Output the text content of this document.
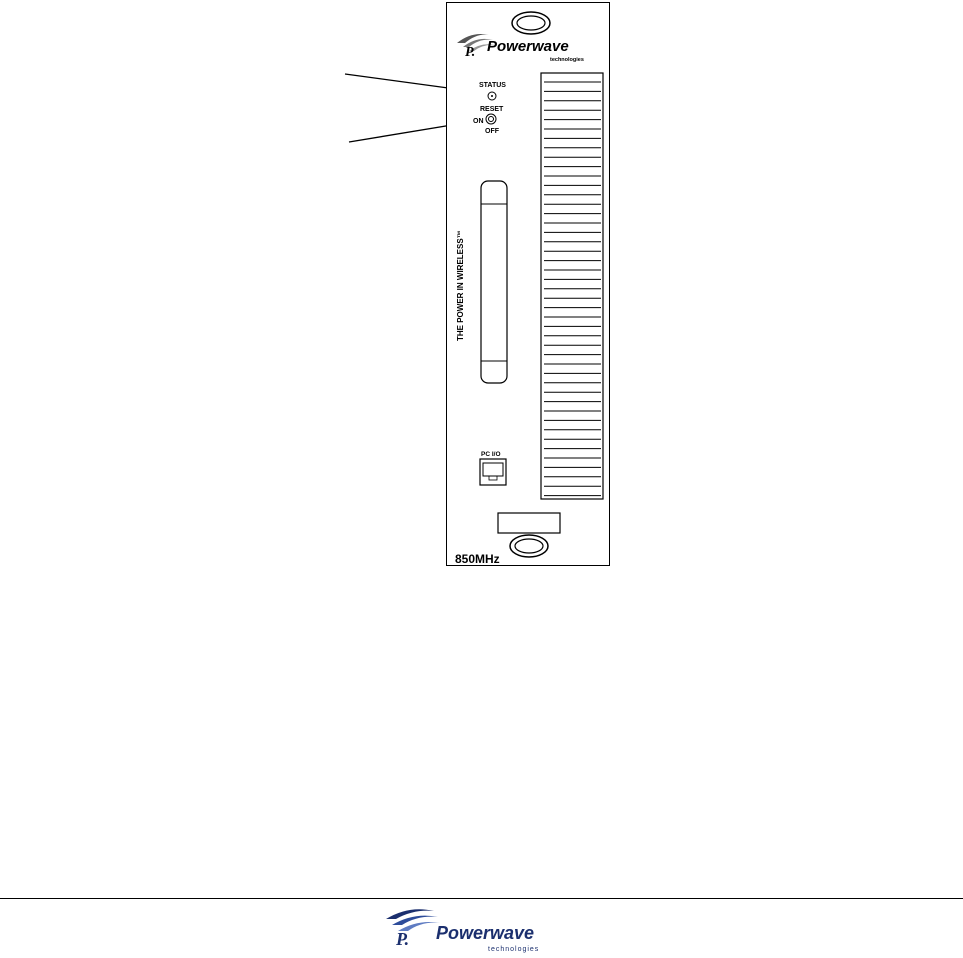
P. Powerwave
technologies
STATUS
RESET
ON
OFF
THE POWER IN WIRELESS™
PC I/O
850MHz
P. Powerwave
technologies
